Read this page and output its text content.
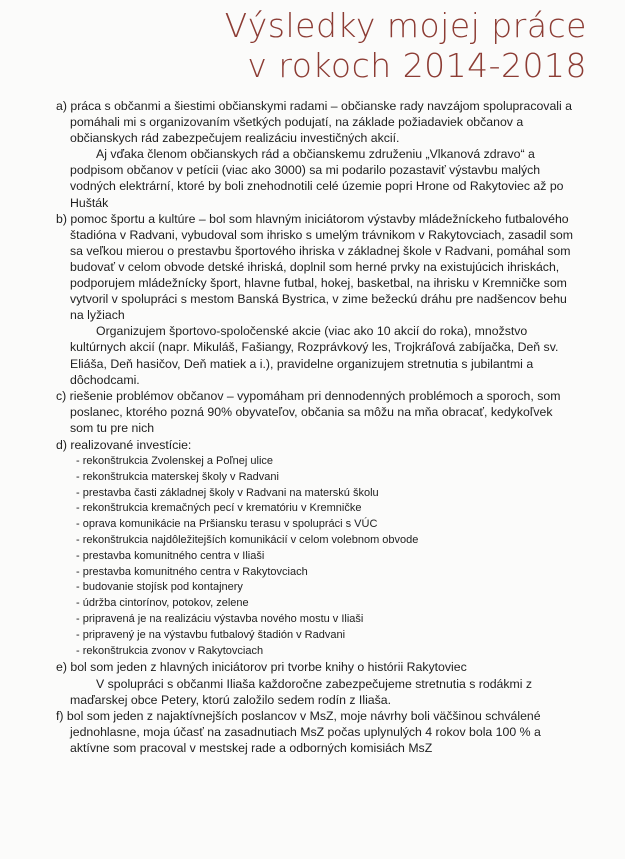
Výsledky mojej práce
v rokoch 2014-2018

a) práca s občanmi a šiestimi občianskymi radami – občianske rady navzájom spolupracovali a pomáhali mi s organizovaním všetkých podujatí, na základe požiadaviek občanov a občianskych rád zabezpečujem realizáciu investičných akcií.

Aj vďaka členom občianskych rád a občianskemu združeniu „Vlkanová zdravo“ a podpisom občanov v petícii (viac ako 3000) sa mi podarilo pozastaviť výstavbu malých vodných elektrární, ktoré by boli znehodnotili celé územie popri Hrone od Rakytoviec až po Hušták

b) pomoc športu a kultúre – bol som hlavným iniciátorom výstavby mládežníckeho futbalového štadióna v Radvani, vybudoval som ihrisko s umelým trávnikom v Rakytovciach, zasadil som sa veľkou mierou o prestavbu športového ihriska v základnej škole v Radvani, pomáhal som budovať v celom obvode detské ihriská, doplnil som herné prvky na existujúcich ihriskách, podporujem mládežnícky šport, hlavne futbal, hokej, basketbal, na ihrisku v Kremničke som vytvoril v spolupráci s mestom Banská Bystrica, v zime bežeckú dráhu pre nadšencov behu na lyžiach

Organizujem športovo-spoločenské akcie (viac ako 10 akcií do roka), množstvo kultúrnych akcií (napr. Mikuláš, Fašiangy, Rozprávkový les, Trojkráľová zabíjačka, Deň sv. Eliáša, Deň hasičov, Deň matiek a i.), pravidelne organizujem stretnutia s jubilantmi a dôchodcami.

c) riešenie problémov občanov – vypomáham pri dennodenných problémoch a sporoch, som poslanec, ktorého pozná 90% obyvateľov, občania sa môžu na mňa obracať, kedykoľvek som tu pre nich

d) realizované investície:

- rekonštrukcia Zvolenskej a Poľnej ulice
- rekonštrukcia materskej školy v Radvani
- prestavba časti základnej školy v Radvani na materskú školu
- rekonštrukcia kremačných pecí v krematóriu v Kremničke
- oprava komunikácie na Pršiansku terasu v spolupráci s VÚC
- rekonštrukcia najdôležitejších komunikácií v celom volebnom obvode
- prestavba komunitného centra v Iliaši
- prestavba komunitného centra v Rakytovciach
- budovanie stojísk pod kontajnery
- údržba cintorínov, potokov, zelene
- pripravená je na realizáciu výstavba nového mostu v Iliaši
- pripravený je na výstavbu futbalový štadión v Radvani
- rekonštrukcia zvonov v Rakytovciach

e) bol som jeden z hlavných iniciátorov pri tvorbe knihy o histórii Rakytoviec

V spolupráci s občanmi Iliaša každoročne zabezpečujeme stretnutia s rodákmi z maďarskej obce Petery, ktorú založilo sedem rodín z Iliaša.

f) bol som jeden z najaktívnejších poslancov v MsZ, moje návrhy boli väčšinou schválené jednohlasne, moja účasť na zasadnutiach MsZ počas uplynulých 4 rokov bola 100 % a aktívne som pracoval v mestskej rade a odborných komisiách MsZ
